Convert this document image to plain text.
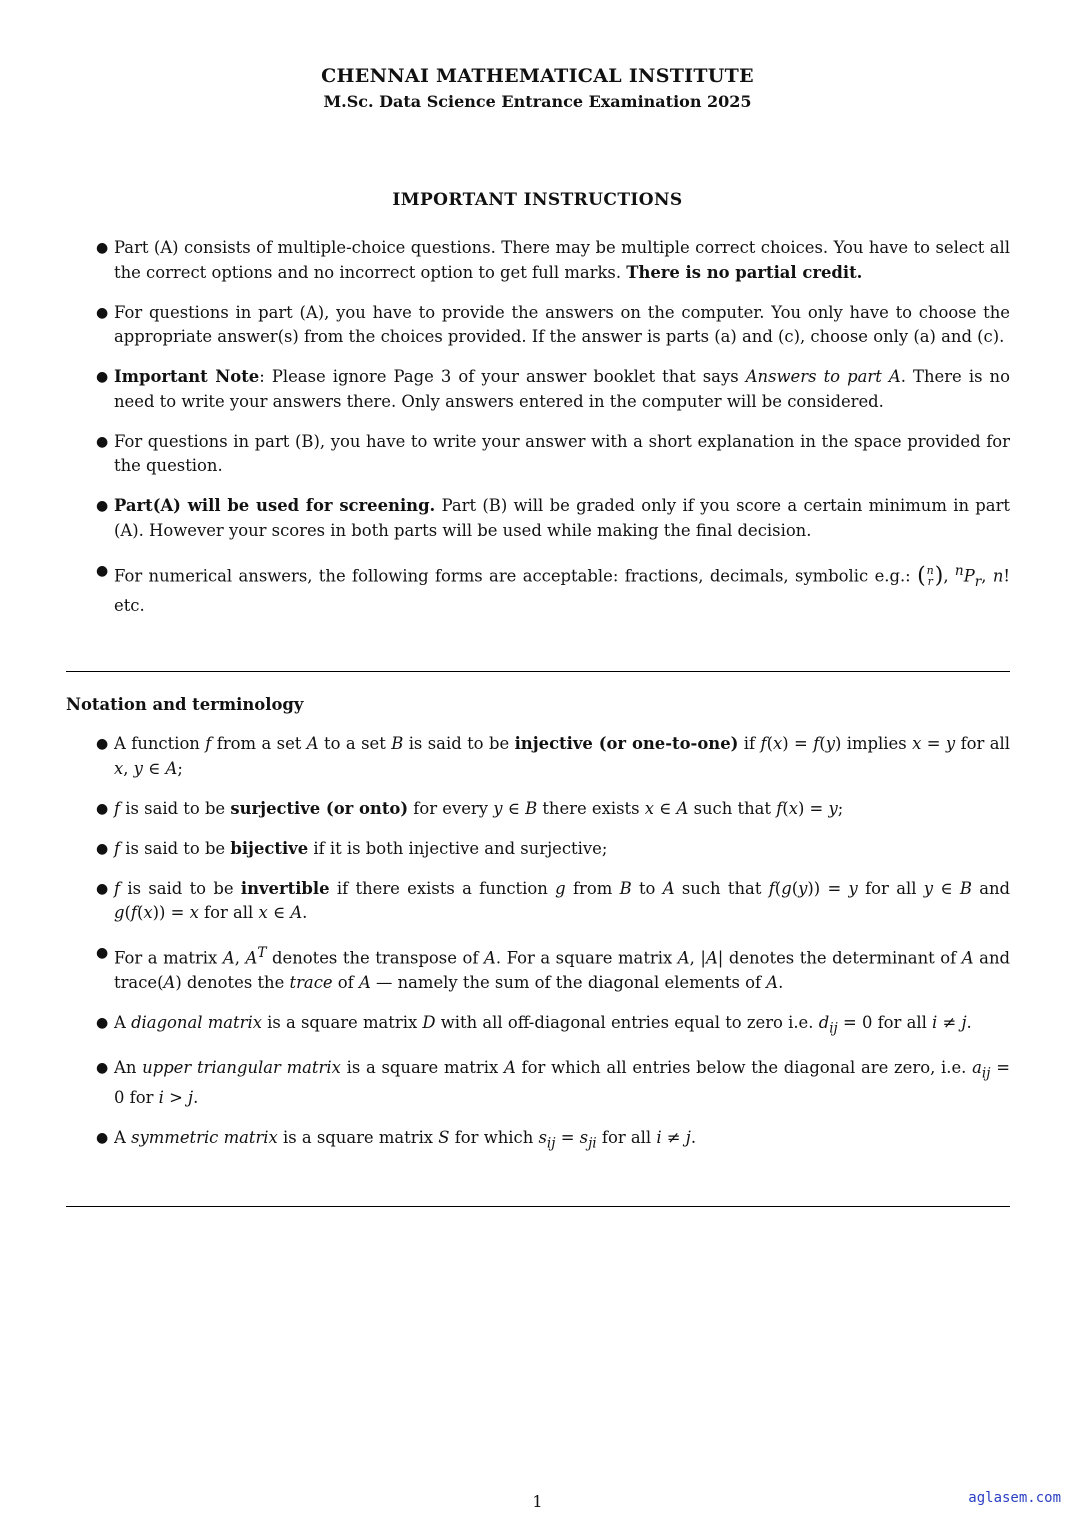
CHENNAI MATHEMATICAL INSTITUTE
M.Sc. Data Science Entrance Examination 2025
IMPORTANT INSTRUCTIONS
● Part (A) consists of multiple-choice questions. There may be multiple correct choices. You have to select all the correct options and no incorrect option to get full marks. There is no partial credit.
● For questions in part (A), you have to provide the answers on the computer. You only have to choose the appropriate answer(s) from the choices provided. If the answer is parts (a) and (c), choose only (a) and (c).
● Important Note: Please ignore Page 3 of your answer booklet that says Answers to part A. There is no need to write your answers there. Only answers entered in the computer will be considered.
● For questions in part (B), you have to write your answer with a short explanation in the space provided for the question.
● Part(A) will be used for screening. Part (B) will be graded only if you score a certain minimum in part (A). However your scores in both parts will be used while making the final decision.
● For numerical answers, the following forms are acceptable: fractions, decimals, symbolic e.g.: (n
r), $^nP_r$, n! etc.
Notation and terminology
● A function f from a set A to a set B is said to be injective (or one-to-one) if f(x) = f(y) implies x = y for all x, y ∈ A;
● f is said to be surjective (or onto) for every y ∈ B there exists x ∈ A such that f(x) = y;
● f is said to be bijective if it is both injective and surjective;
● f is said to be invertible if there exists a function g from B to A such that f(g(y)) = y for all y ∈ B and g(f(x)) = x for all x ∈ A.
● For a matrix A, $A^T$ denotes the transpose of A. For a square matrix A, |A| denotes the determinant of A and trace(A) denotes the trace of A — namely the sum of the diagonal elements of A.
● A diagonal matrix is a square matrix D with all off-diagonal entries equal to zero i.e. $d_{ij} = 0$ for all i ≠ j.
● An upper triangular matrix is a square matrix A for which all entries below the diagonal are zero, i.e. $a_{ij} = 0$ for i > j.
● A symmetric matrix is a square matrix S for which $s_{ij} = s_{ji}$ for all i ≠ j.
1	aglasem.com
